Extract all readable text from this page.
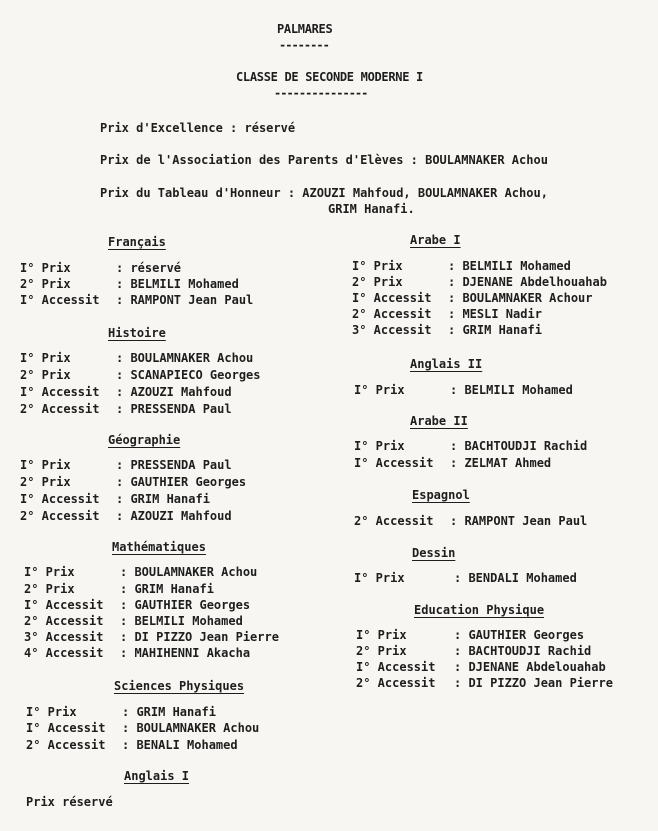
PALMARES
--------
CLASSE DE SECONDE MODERNE I
---------------
Prix d'Excellence : réservé
Prix de l'Association des Parents d'Elèves : BOULAMNAKER Achou
Prix du Tableau d'Honneur : AZOUZI Mahfoud, BOULAMNAKER Achou,
GRIM Hanafi.
Français
I° Prix	: réservé
2° Prix	: BELMILI Mohamed
I° Accessit : RAMPONT Jean Paul
Histoire
I° Prix	: BOULAMNAKER Achou
2° Prix	: SCANAPIECO Georges
I° Accessit : AZOUZI Mahfoud
2° Accessit : PRESSENDA Paul
Géographie
I° Prix	: PRESSENDA Paul
2° Prix	: GAUTHIER Georges
I° Accessit : GRIM Hanafi
2° Accessit : AZOUZI Mahfoud
Mathématiques
I° Prix	: BOULAMNAKER Achou
2° Prix	: GRIM Hanafi
I° Accessit : GAUTHIER Georges
2° Accessit : BELMILI Mohamed
3° Accessit : DI PIZZO Jean Pierre
4° Accessit : MAHIHENNI Akacha
Sciences Physiques
I° Prix	: GRIM Hanafi
I° Accessit : BOULAMNAKER Achou
2° Accessit : BENALI Mohamed
Anglais I
Prix réservé
Arabe I
I° Prix	: BELMILI Mohamed
2° Prix	: DJENANE Abdelhouahab
I° Accessit : BOULAMNAKER Achour
2° Accessit : MESLI Nadir
3° Accessit : GRIM Hanafi
Anglais II
I° Prix	: BELMILI Mohamed
Arabe II
I° Prix	: BACHTOUDJI Rachid
I° Accessit : ZELMAT Ahmed
Espagnol
2° Accessit : RAMPONT Jean Paul
Dessin
I° Prix	: BENDALI Mohamed
Education Physique
I° Prix	: GAUTHIER Georges
2° Prix	: BACHTOUDJI Rachid
I° Accessit : DJENANE Abdelouahab
2° Accessit : DI PIZZO Jean Pierre
